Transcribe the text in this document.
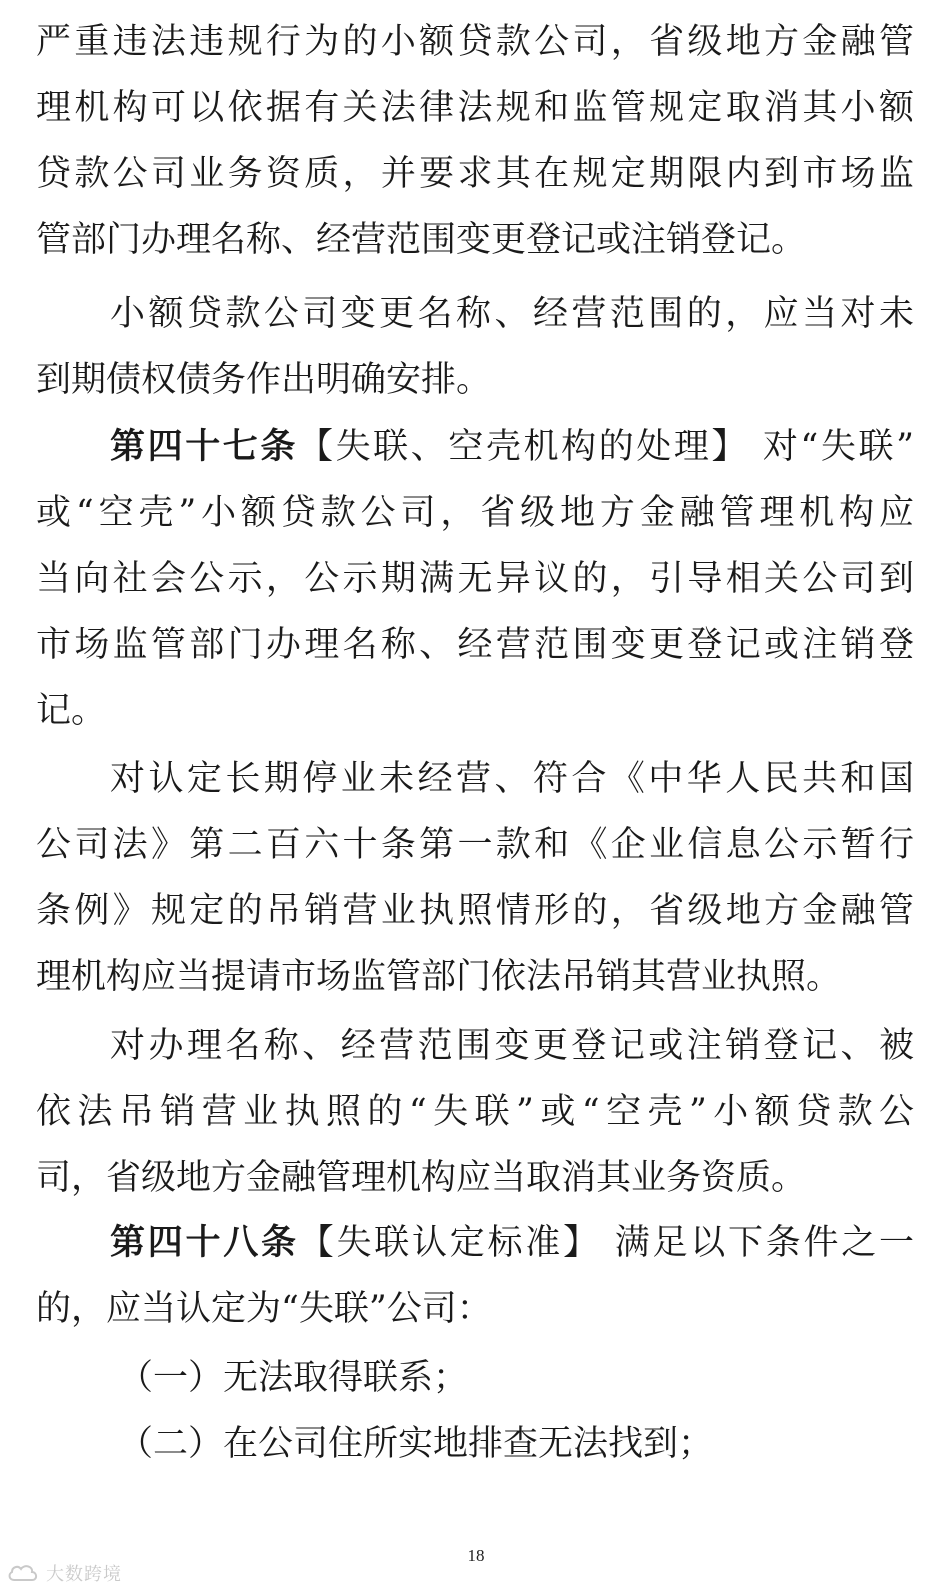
严重违法违规行为的小额贷款公司，省级地方金融管
理机构可以依据有关法律法规和监管规定取消其小额
贷款公司业务资质，并要求其在规定期限内到市场监
管部门办理名称、经营范围变更登记或注销登记。
小额贷款公司变更名称、经营范围的，应当对未
到期债权债务作出明确安排。
第四十七条【失联、空壳机构的处理】 对“失联”
或“空壳”小额贷款公司，省级地方金融管理机构应
当向社会公示，公示期满无异议的，引导相关公司到
市场监管部门办理名称、经营范围变更登记或注销登
记。
对认定长期停业未经营、符合《中华人民共和国
公司法》第二百六十条第一款和《企业信息公示暂行
条例》规定的吊销营业执照情形的，省级地方金融管
理机构应当提请市场监管部门依法吊销其营业执照。
对办理名称、经营范围变更登记或注销登记、被
依法吊销营业执照的“失联”或“空壳”小额贷款公
司，省级地方金融管理机构应当取消其业务资质。
第四十八条【失联认定标准】 满足以下条件之一
的，应当认定为“失联”公司：
（一）无法取得联系；
（二）在公司住所实地排查无法找到；
18
大数跨境
